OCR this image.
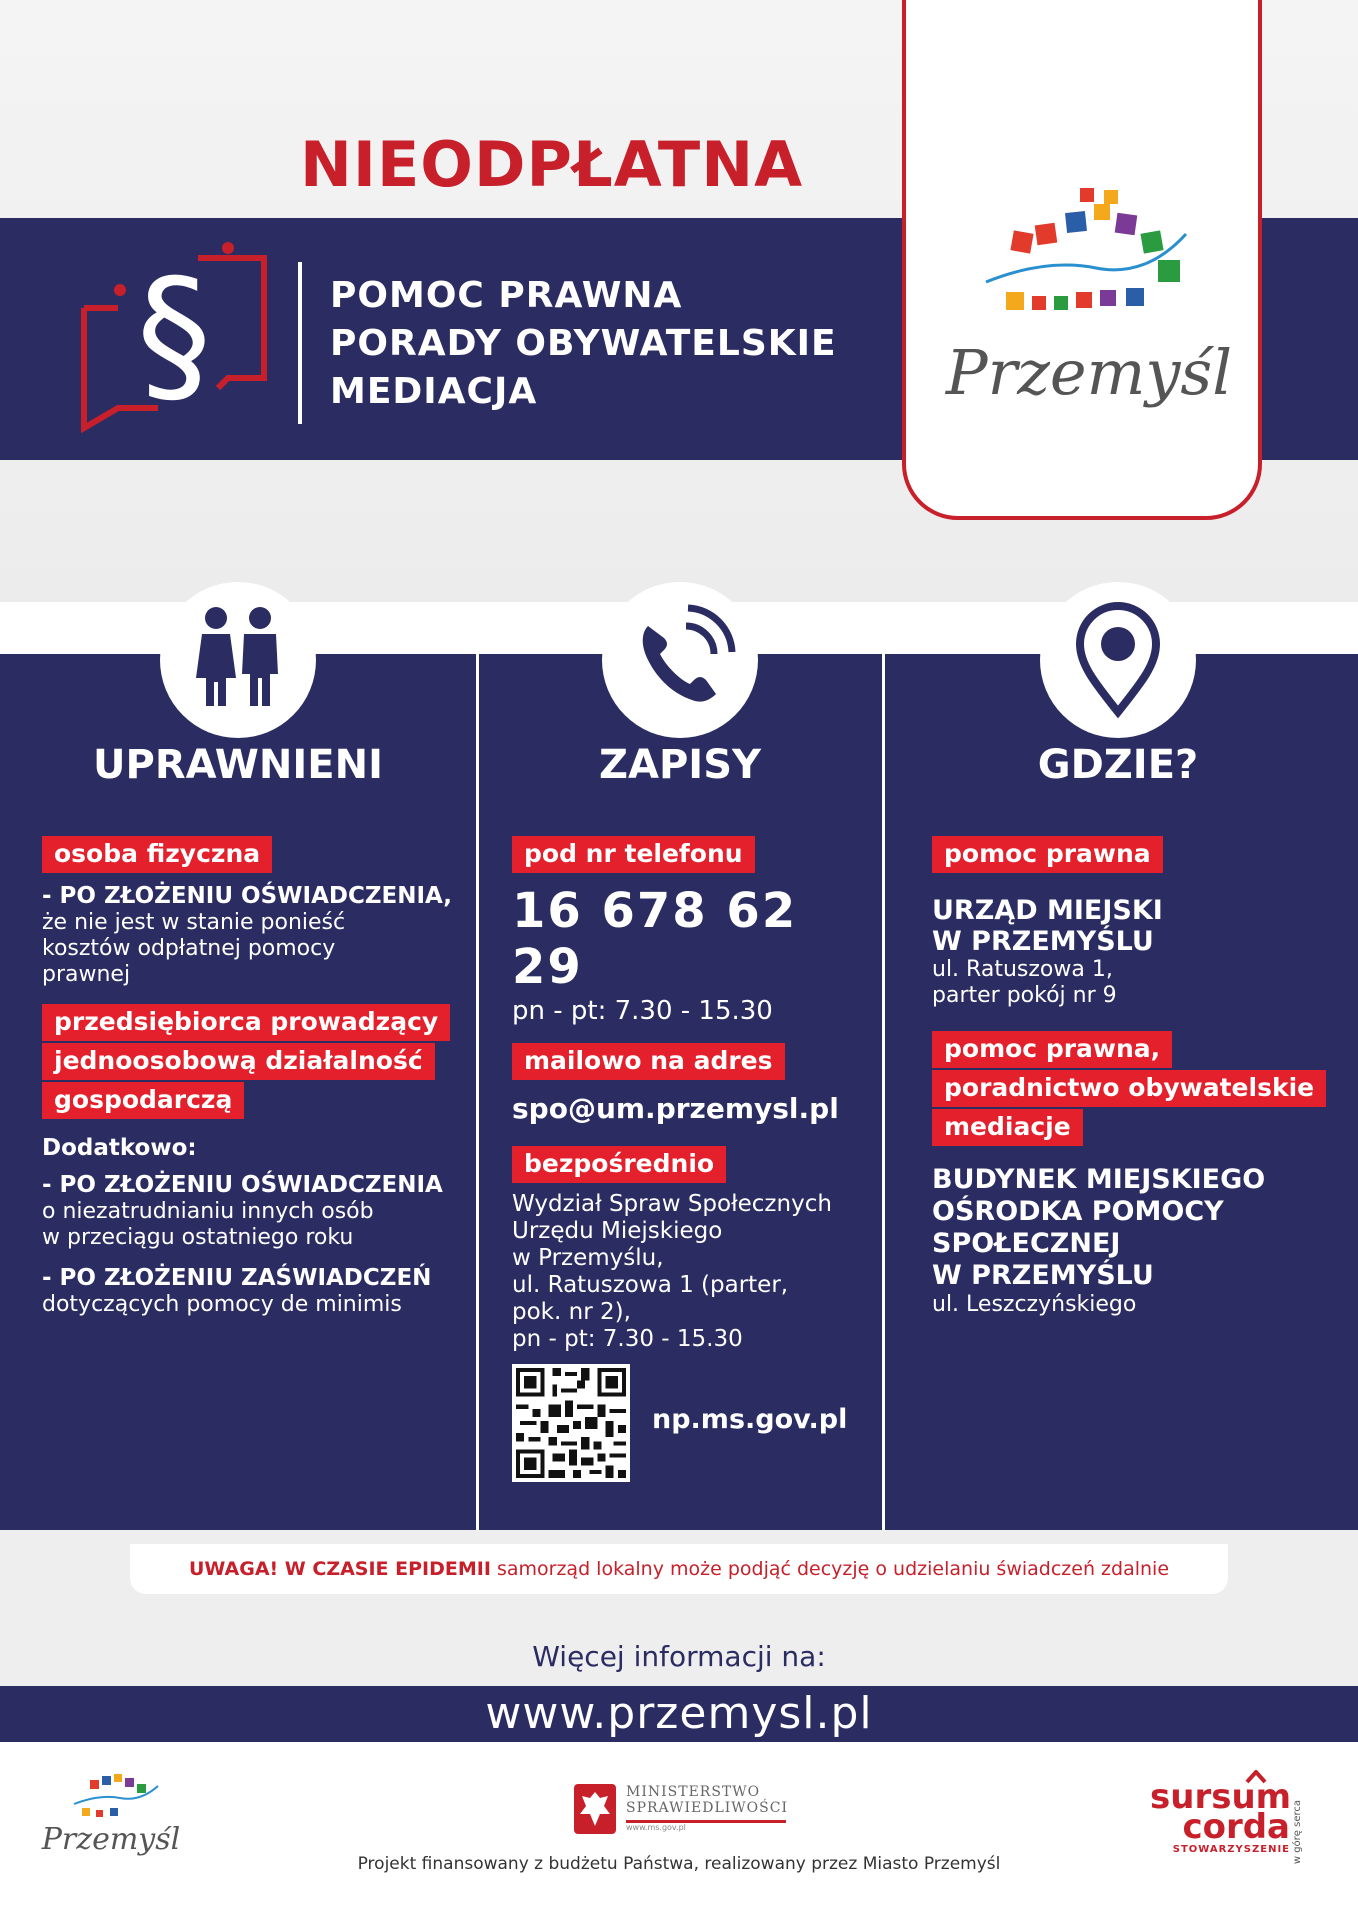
NIEODPŁATNA
§	POMOC PRAWNA
PORADY OBYWATELSKIE
MEDIACJA	Przemyśl
UPRAWNIENI	ZAPISY	GDZIE?
osoba fizyczna
- PO ZŁOŻENIU OŚWIADCZENIA,
że nie jest w stanie ponieść
kosztów odpłatnej pomocy
prawnej
przedsiębiorca prowadzący
jednoosobową działalność
gospodarczą
Dodatkowo:
- PO ZŁOŻENIU OŚWIADCZENIA
o niezatrudnianiu innych osób
w przeciągu ostatniego roku
- PO ZŁOŻENIU ZAŚWIADCZEŃ
dotyczących pomocy de minimis
pod nr telefonu
16 678 62 29
pn - pt: 7.30 - 15.30
mailowo na adres
spo@um.przemysl.pl
bezpośrednio
Wydział Spraw Społecznych
Urzędu Miejskiego
w Przemyślu,
ul. Ratuszowa 1 (parter,
pok. nr 2),
pn - pt: 7.30 - 15.30
np.ms.gov.pl
pomoc prawna
URZĄD MIEJSKI
W PRZEMYŚLU
ul. Ratuszowa 1,
parter pokój nr 9
pomoc prawna,
poradnictwo obywatelskie
mediacje
BUDYNEK MIEJSKIEGO
OŚRODKA POMOCY
SPOŁECZNEJ
W PRZEMYŚLU
ul. Leszczyńskiego
UWAGA! W CZASIE EPIDEMII samorząd lokalny może podjąć decyzję o udzielaniu świadczeń zdalnie
Więcej informacji na:
www.przemysl.pl
Przemyśl
MINISTERSTWO
SPRAWIEDLIWOŚCI
www.ms.gov.pl
sursum
corda
STOWARZYSZENIE w górę serca
Projekt finansowany z budżetu Państwa, realizowany przez Miasto Przemyśl
